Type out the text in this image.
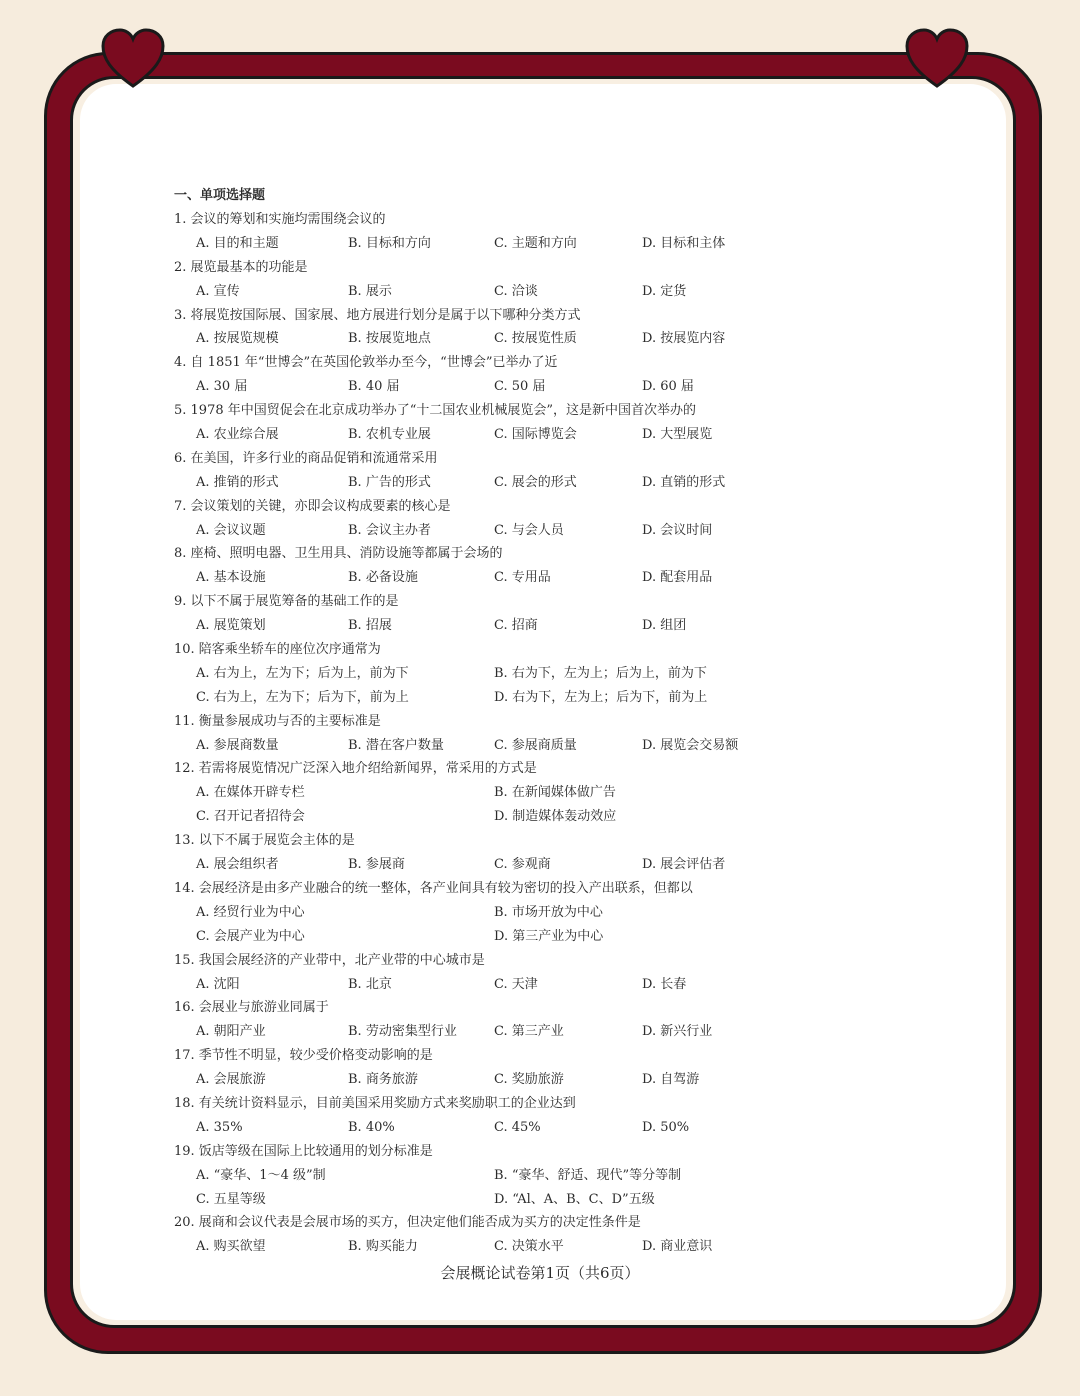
一、单项选择题
1. 会议的筹划和实施均需围绕会议的
A. 目的和主题	B. 目标和方向	C. 主题和方向	D. 目标和主体
2. 展览最基本的功能是
A. 宣传	B. 展示	C. 洽谈	D. 定货
3. 将展览按国际展、国家展、地方展进行划分是属于以下哪种分类方式
A. 按展览规模	B. 按展览地点	C. 按展览性质	D. 按展览内容
4. 自 1851 年“世博会”在英国伦敦举办至今，“世博会”已举办了近
A. 30 届	B. 40 届	C. 50 届	D. 60 届
5. 1978 年中国贸促会在北京成功举办了“十二国农业机械展览会”，这是新中国首次举办的
A. 农业综合展	B. 农机专业展	C. 国际博览会	D. 大型展览
6. 在美国，许多行业的商品促销和流通常采用
A. 推销的形式	B. 广告的形式	C. 展会的形式	D. 直销的形式
7. 会议策划的关键，亦即会议构成要素的核心是
A. 会议议题	B. 会议主办者	C. 与会人员	D. 会议时间
8. 座椅、照明电器、卫生用具、消防设施等都属于会场的
A. 基本设施	B. 必备设施	C. 专用品	D. 配套用品
9. 以下不属于展览筹备的基础工作的是
A. 展览策划	B. 招展	C. 招商	D. 组团
10. 陪客乘坐轿车的座位次序通常为
A. 右为上，左为下；后为上，前为下	B. 右为下，左为上；后为上，前为下
C. 右为上，左为下；后为下，前为上	D. 右为下，左为上；后为下，前为上
11. 衡量参展成功与否的主要标准是
A. 参展商数量	B. 潜在客户数量	C. 参展商质量	D. 展览会交易额
12. 若需将展览情况广泛深入地介绍给新闻界，常采用的方式是
A. 在媒体开辟专栏	B. 在新闻媒体做广告
C. 召开记者招待会	D. 制造媒体轰动效应
13. 以下不属于展览会主体的是
A. 展会组织者	B. 参展商	C. 参观商	D. 展会评估者
14. 会展经济是由多产业融合的统一整体，各产业间具有较为密切的投入产出联系，但都以
A. 经贸行业为中心	B. 市场开放为中心
C. 会展产业为中心	D. 第三产业为中心
15. 我国会展经济的产业带中，北产业带的中心城市是
A. 沈阳	B. 北京	C. 天津	D. 长春
16. 会展业与旅游业同属于
A. 朝阳产业	B. 劳动密集型行业	C. 第三产业	D. 新兴行业
17. 季节性不明显，较少受价格变动影响的是
A. 会展旅游	B. 商务旅游	C. 奖励旅游	D. 自驾游
18. 有关统计资料显示，目前美国采用奖励方式来奖励职工的企业达到
A. 35%	B. 40%	C. 45%	D. 50%
19. 饭店等级在国际上比较通用的划分标准是
A. “豪华、1～4 级”制	B. “豪华、舒适、现代”等分等制
C. 五星等级	D. “Al、A、B、C、D”五级
20. 展商和会议代表是会展市场的买方，但决定他们能否成为买方的决定性条件是
A. 购买欲望	B. 购买能力	C. 决策水平	D. 商业意识
会展概论试卷第1页（共6页）
